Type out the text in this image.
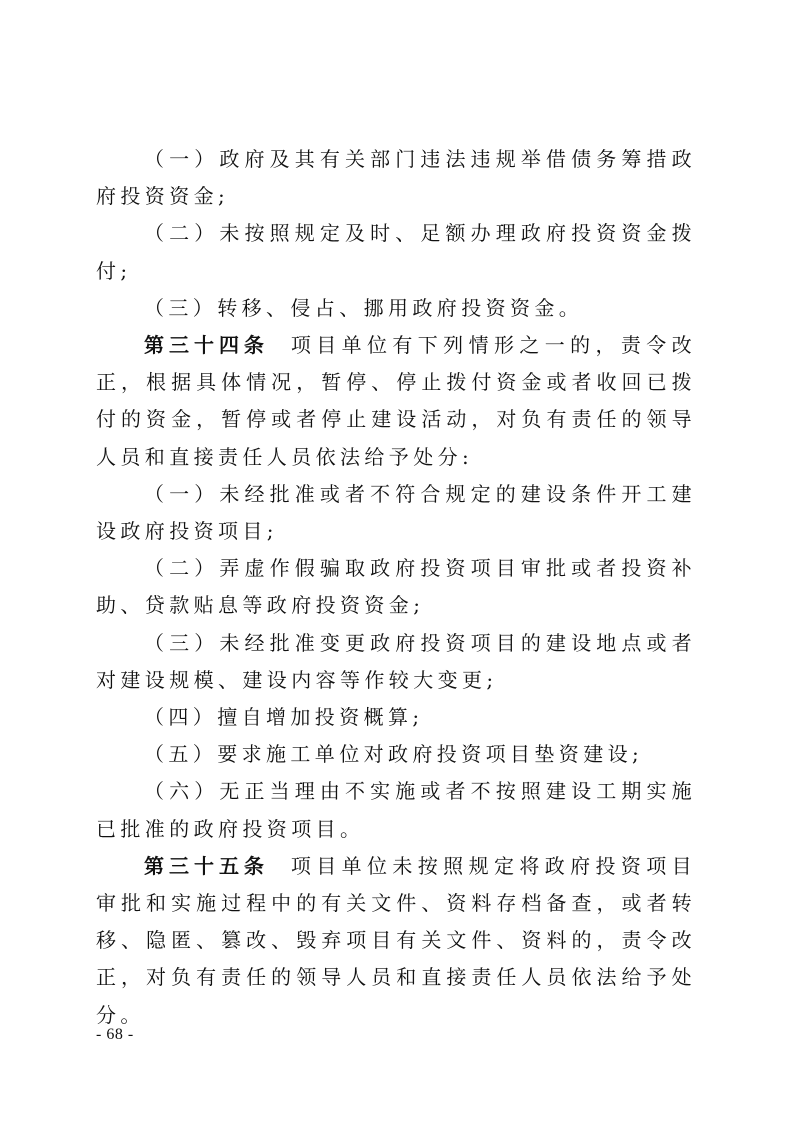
（一）政府及其有关部门违法违规举借债务筹措政府投资资金;

（二）未按照规定及时、足额办理政府投资资金拨付;

（三）转移、侵占、挪用政府投资资金。

第三十四条 项目单位有下列情形之一的，责令改正，根据具体情况，暂停、停止拨付资金或者收回已拨付的资金，暂停或者停止建设活动，对负有责任的领导人员和直接责任人员依法给予处分:

（一）未经批准或者不符合规定的建设条件开工建设政府投资项目;

（二）弄虚作假骗取政府投资项目审批或者投资补助、贷款贴息等政府投资资金;

（三）未经批准变更政府投资项目的建设地点或者对建设规模、建设内容等作较大变更;

（四）擅自增加投资概算;

（五）要求施工单位对政府投资项目垫资建设;

（六）无正当理由不实施或者不按照建设工期实施已批准的政府投资项目。

第三十五条 项目单位未按照规定将政府投资项目审批和实施过程中的有关文件、资料存档备查，或者转移、隐匿、篡改、毁弃项目有关文件、资料的，责令改正，对负有责任的领导人员和直接责任人员依法给予处分。

- 68 -
